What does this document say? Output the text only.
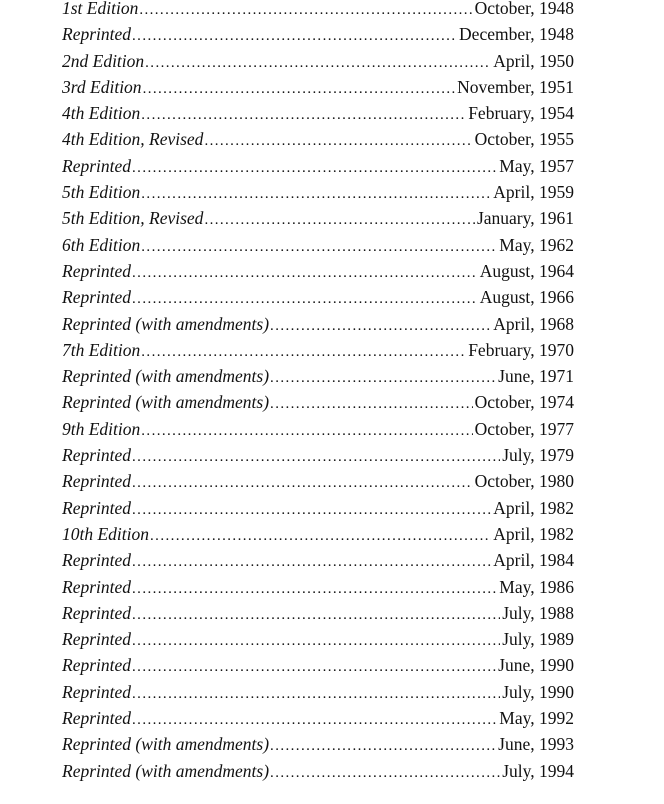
1st Edition .....	October, 1948
Reprinted .....	December, 1948
2nd Edition .....	April, 1950
3rd Edition .....	November, 1951
4th Edition .....	February, 1954
4th Edition, Revised .....	October, 1955
Reprinted .....	May, 1957
5th Edition .....	April, 1959
5th Edition, Revised .....	January, 1961
6th Edition .....	May, 1962
Reprinted .....	August, 1964
Reprinted .....	August, 1966
Reprinted (with amendments) .....	April, 1968
7th Edition .....	February, 1970
Reprinted (with amendments) .....	June, 1971
Reprinted (with amendments) .....	October, 1974
9th Edition .....	October, 1977
Reprinted .....	July, 1979
Reprinted .....	October, 1980
Reprinted .....	April, 1982
10th Edition .....	April, 1982
Reprinted .....	April, 1984
Reprinted .....	May, 1986
Reprinted .....	July, 1988
Reprinted .....	July, 1989
Reprinted .....	June, 1990
Reprinted .....	July, 1990
Reprinted .....	May, 1992
Reprinted (with amendments) .....	June, 1993
Reprinted (with amendments) .....	July, 1994
